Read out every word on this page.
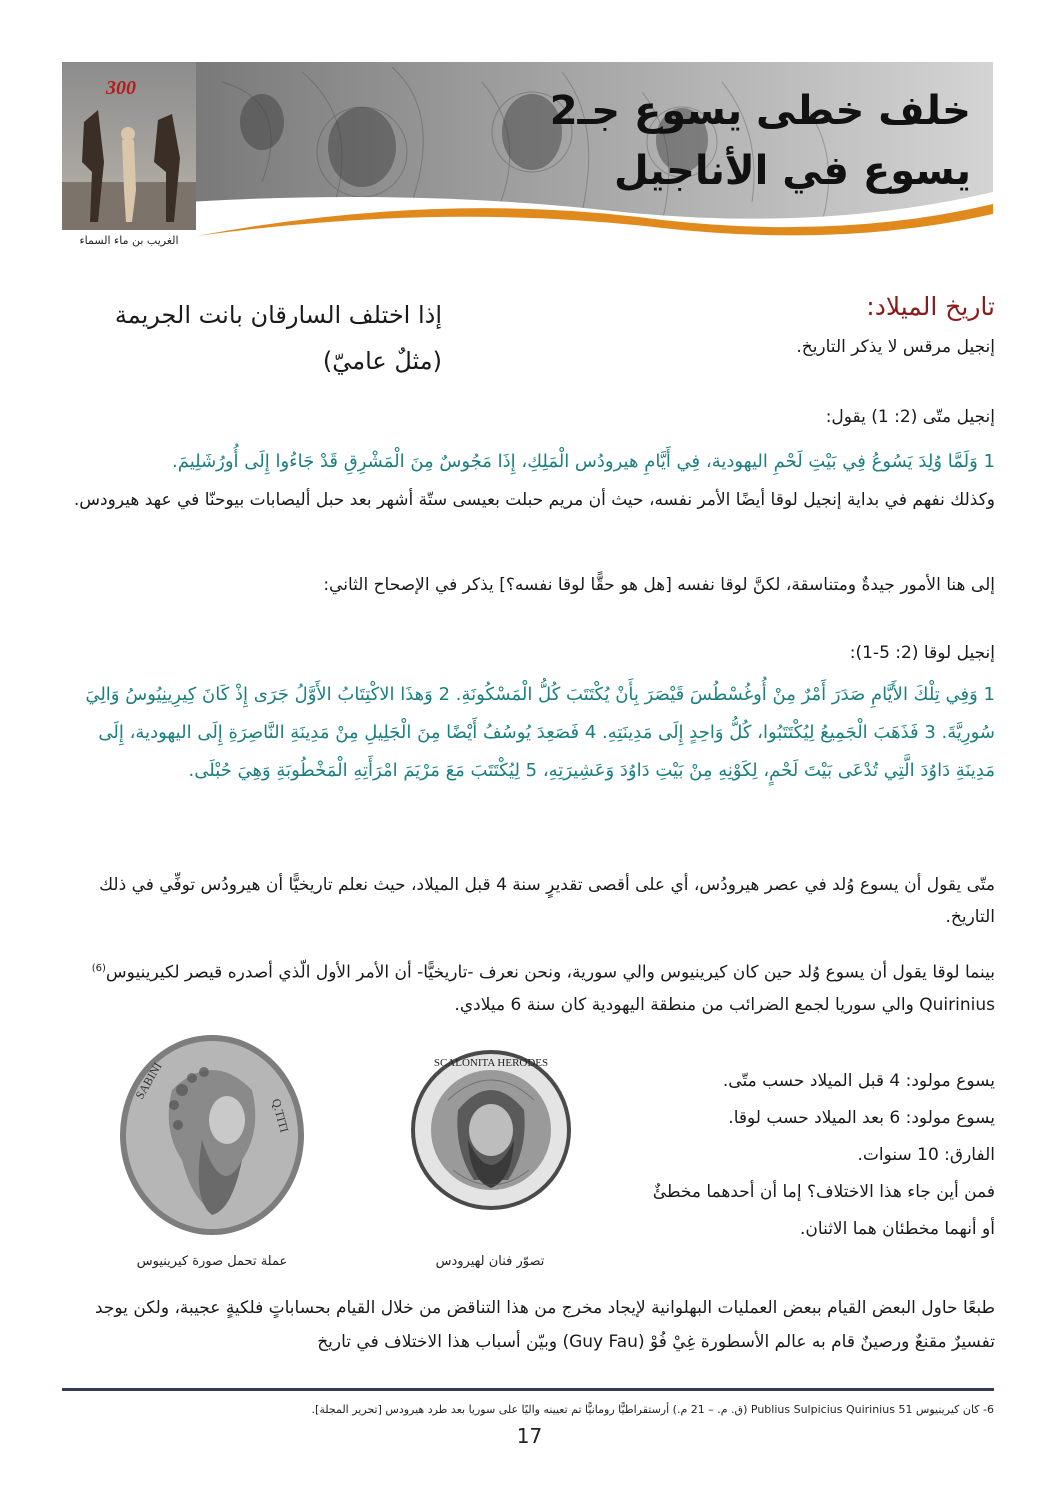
300	خلف خطى يسوع جـ2
يسوع في الأناجيل
الغريب بن ماء السماء
إذا اختلف السارقان بانت الجريمة
(مثلٌ عاميّ)
تاريخ الميلاد:
إنجيل مرقس لا يذكر التاريخ.
إنجيل متّى (2: 1) يقول:
1 وَلَمَّا وُلِدَ يَسُوعُ فِي بَيْتِ لَحْمِ اليهودية، فِي أَيَّامِ هيرودُس الْمَلِكِ، إِذَا مَجُوسٌ مِنَ الْمَشْرِقِ قَدْ جَاءُوا إِلَى أُورُشَلِيمَ.
وكذلك نفهم في بداية إنجيل لوقا أيضًا الأمر نفسه، حيث أن مريم حبلت بعيسى ستّة أشهر بعد حبل أليصابات بيوحنّا في عهد هيرودس.
إلى هنا الأمور جيدةٌ ومتناسقة، لكنَّ لوقا نفسه [هل هو حقًّا لوقا نفسه؟] يذكر في الإصحاح الثاني:
إنجيل لوقا (2: 5-1):
1 وَفِي تِلْكَ الأَيَّامِ صَدَرَ أَمْرٌ مِنْ أُوغُسْطُسَ قَيْصَرَ بِأَنْ يُكْتَتَبَ كُلُّ الْمَسْكُونَةِ. 2 وَهذَا الاكْتِتَابُ الأَوَّلُ جَرَى إِذْ كَانَ كِيرِينِيُوسُ وَالِيَ سُورِيَّةَ. 3 فَذَهَبَ الْجَمِيعُ لِيُكْتَتَبُوا، كُلُّ وَاحِدٍ إِلَى مَدِينَتِهِ. 4 فَصَعِدَ يُوسُفُ أَيْضًا مِنَ الْجَلِيلِ مِنْ مَدِينَةِ النَّاصِرَةِ إِلَى اليهودية، إِلَى مَدِينَةِ دَاوُدَ الَّتِي تُدْعَى بَيْتَ لَحْمٍ، لِكَوْنِهِ مِنْ بَيْتِ دَاوُدَ وَعَشِيرَتِهِ، 5 لِيُكْتَتَبَ مَعَ مَرْيَمَ امْرَأَتِهِ الْمَخْطُوبَةِ وَهِيَ حُبْلَى.
متّى يقول أن يسوع وُلد في عصر هيرودُس، أي على أقصى تقديرٍ سنة 4 قبل الميلاد، حيث نعلم تاريخيًّا أن هيرودُس توفِّي في ذلك التاريخ.
بينما لوقا يقول أن يسوع وُلد حين كان كيرينيوس والي سورية، ونحن نعرف -تاريخيًّا- أن الأمر الأول الّذي أصدره قيصر لكيرينيوس$^{(6)}$ Quirinius والي سوريا لجمع الضرائب من منطقة اليهودية كان سنة 6 ميلادي.
يسوع مولود: 4 قبل الميلاد حسب متّى.
يسوع مولود: 6 بعد الميلاد حسب لوقا.
الفارق: 10 سنوات.
فمن أين جاء هذا الاختلاف؟ إما أن أحدهما مخطئٌ أو أنهما مخطئان هما الاثنان.
SCALONITA HERODES
تصوّر فنان لهيرودس
SABINI
Q.TITI
عملة تحمل صورة كيرينيوس
طبعًا حاول البعض القيام ببعض العمليات البهلوانية لإيجاد مخرج من هذا التناقض من خلال القيام بحساباتٍ فلكيةٍ عجيبة، ولكن يوجد تفسيرٌ مقنعٌ ورصينٌ قام به عالم الأسطورة غِيْ فُوْ (Guy Fau) وبيّن أسباب هذا الاختلاف في تاريخ
6- كان كيرينيوس Publius Sulpicius Quirinius 51 (ق. م. – 21 م.) أرستقراطيًّا رومانيًّا تم تعيينه واليًا على سوريا بعد طرد هيرودس [تحرير المجلة].
17
